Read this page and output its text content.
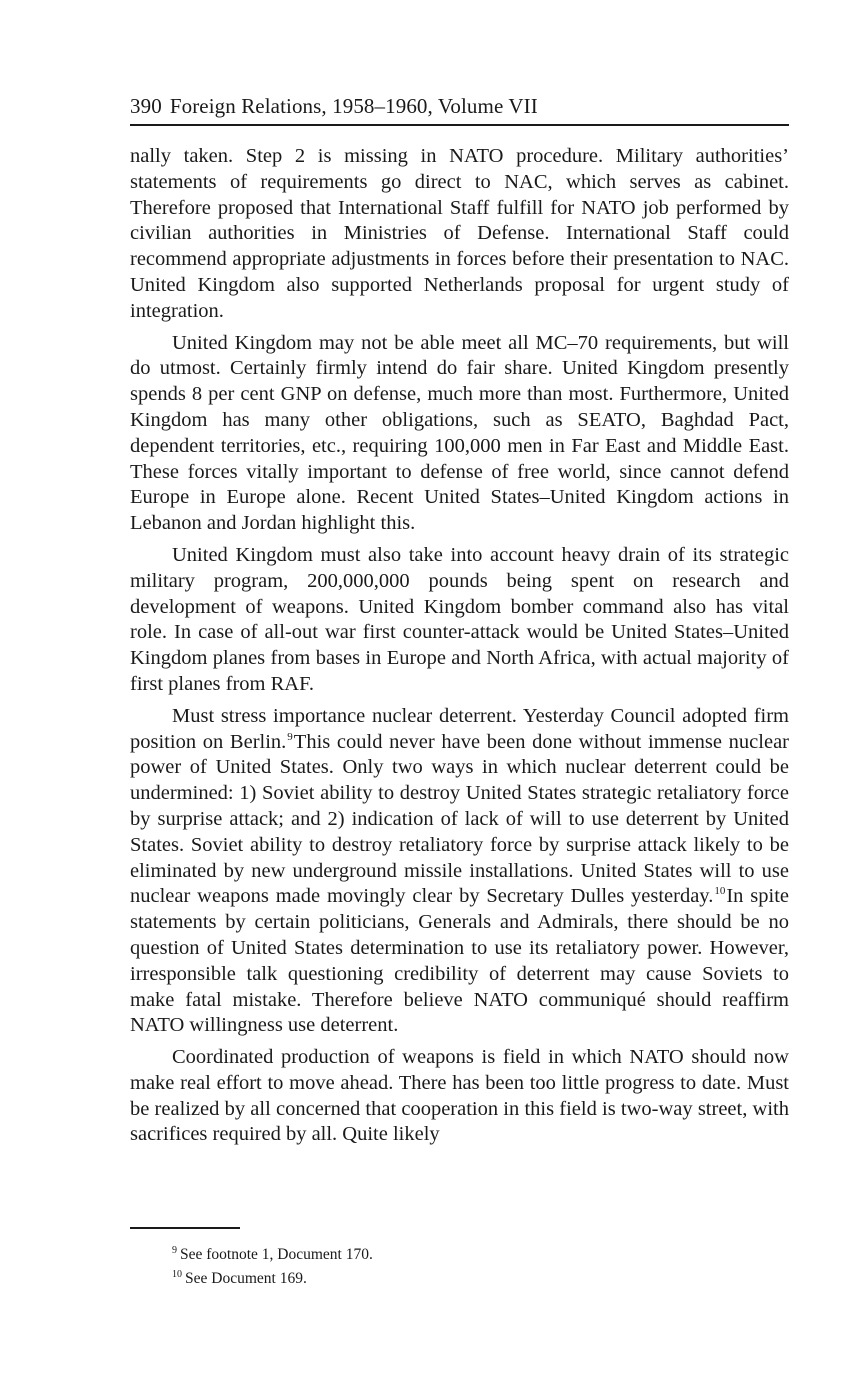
390 Foreign Relations, 1958–1960, Volume VII

nally taken. Step 2 is missing in NATO procedure. Military authorities’ statements of requirements go direct to NAC, which serves as cabinet. Therefore proposed that International Staff fulfill for NATO job performed by civilian authorities in Ministries of Defense. International Staff could recommend appropriate adjustments in forces before their presentation to NAC. United Kingdom also supported Netherlands proposal for urgent study of integration.

United Kingdom may not be able meet all MC–70 requirements, but will do utmost. Certainly firmly intend do fair share. United Kingdom presently spends 8 per cent GNP on defense, much more than most. Furthermore, United Kingdom has many other obligations, such as SEATO, Baghdad Pact, dependent territories, etc., requiring 100,000 men in Far East and Middle East. These forces vitally important to defense of free world, since cannot defend Europe in Europe alone. Recent United States–United Kingdom actions in Lebanon and Jordan highlight this.

United Kingdom must also take into account heavy drain of its strategic military program, 200,000,000 pounds being spent on research and development of weapons. United Kingdom bomber command also has vital role. In case of all-out war first counter-attack would be United States–United Kingdom planes from bases in Europe and North Africa, with actual majority of first planes from RAF.

Must stress importance nuclear deterrent. Yesterday Council adopted firm position on Berlin.$^9$This could never have been done without immense nuclear power of United States. Only two ways in which nuclear deterrent could be undermined: 1) Soviet ability to destroy United States strategic retaliatory force by surprise attack; and 2) indication of lack of will to use deterrent by United States. Soviet ability to destroy retaliatory force by surprise attack likely to be eliminated by new underground missile installations. United States will to use nuclear weapons made movingly clear by Secretary Dulles yesterday.$^{10}$In spite statements by certain politicians, Generals and Admirals, there should be no question of United States determination to use its retaliatory power. However, irresponsible talk questioning credibility of deterrent may cause Soviets to make fatal mistake. Therefore believe NATO communiqué should reaffirm NATO willingness use deterrent.

Coordinated production of weapons is field in which NATO should now make real effort to move ahead. There has been too little progress to date. Must be realized by all concerned that cooperation in this field is two-way street, with sacrifices required by all. Quite likely

$^9$ See footnote 1, Document 170.
$^{10}$ See Document 169.
